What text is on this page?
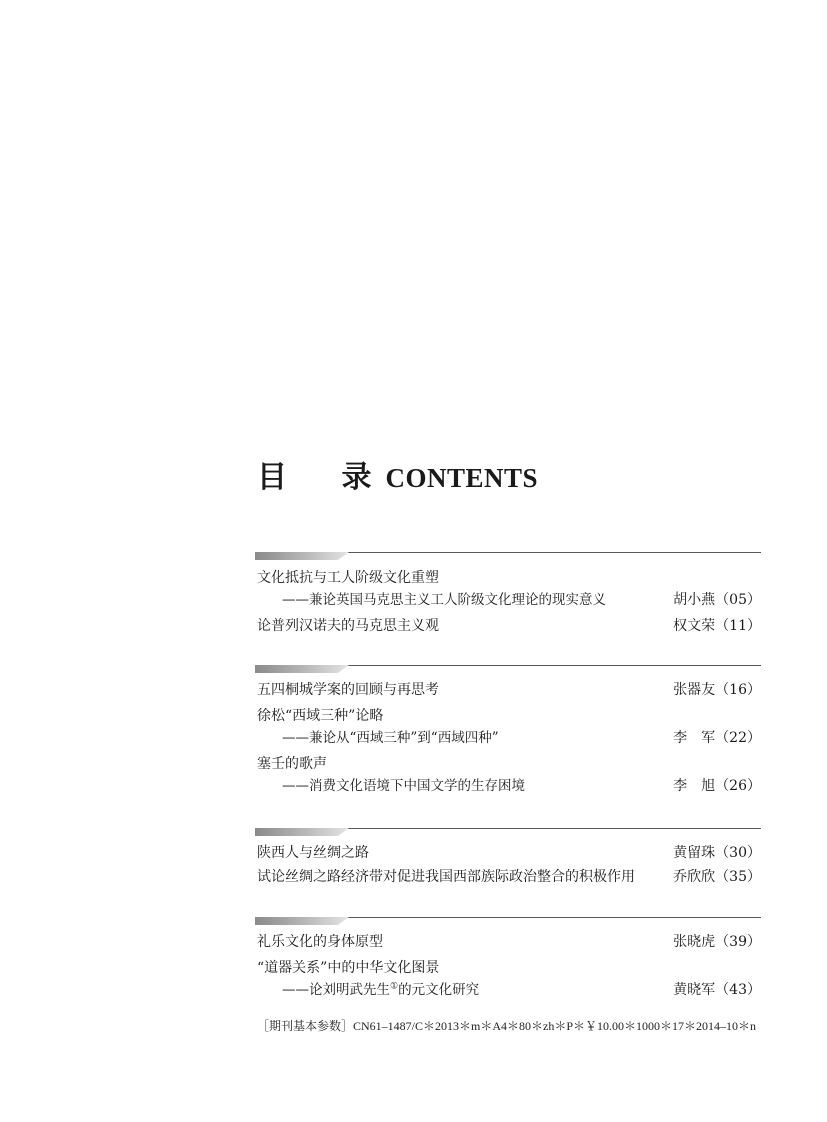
目 录
CONTENTS
文化抵抗与工人阶级文化重塑
——兼论英国马克思主义工人阶级文化理论的现实意义	胡小燕（05）
论普列汉诺夫的马克思主义观	权文荣（11）
五四桐城学案的回顾与再思考	张器友（16）
徐松“西域三种”论略
——兼论从“西域三种”到“西域四种”	李　军（22）
塞壬的歌声
——消费文化语境下中国文学的生存困境	李　旭（26）
陕西人与丝绸之路	黄留珠（30）
试论丝绸之路经济带对促进我国西部族际政治整合的积极作用	乔欣欣（35）
礼乐文化的身体原型	张晓虎（39）
“道器关系”中的中华文化图景
——论刘明武先生①的元文化研究	黄晓军（43）
［期刊基本参数］CN61–1487/C＊2013＊m＊A4＊80＊zh＊P＊￥10.00＊1000＊17＊2014–10＊n
